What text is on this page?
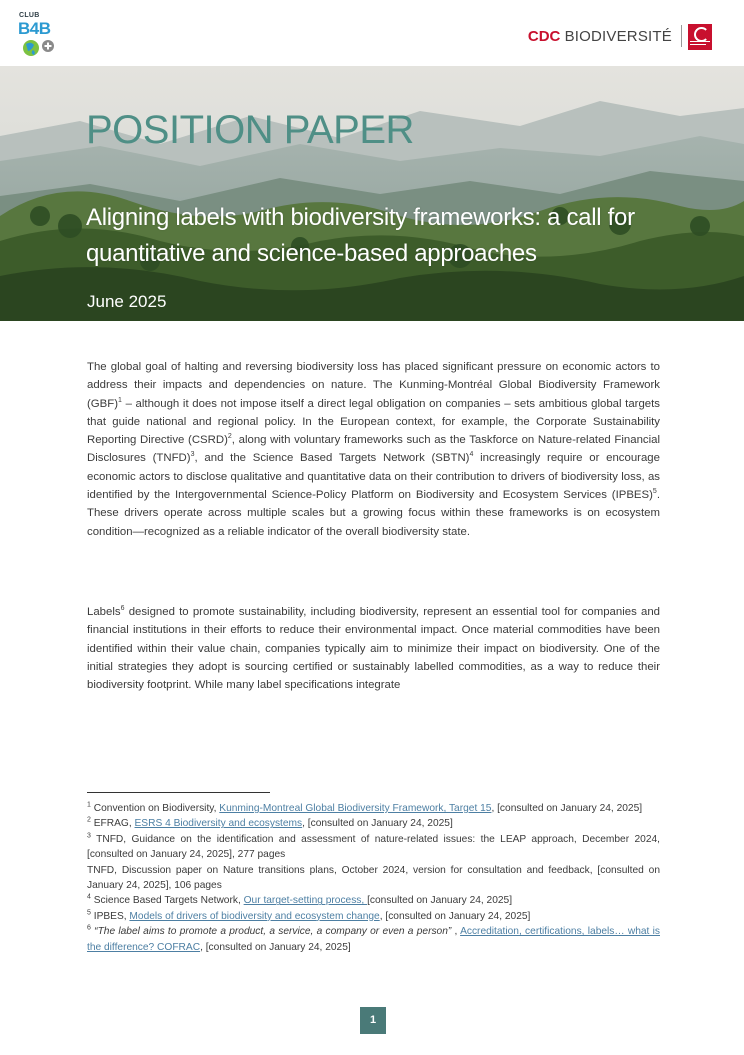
CLUB
B4B	CDC BIODIVERSITÉ
POSITION PAPER
Aligning labels with biodiversity frameworks: a call for quantitative and science-based approaches
June 2025

The global goal of halting and reversing biodiversity loss has placed significant pressure on economic actors to address their impacts and dependencies on nature. The Kunming-Montréal Global Biodiversity Framework (GBF)$^1$ – although it does not impose itself a direct legal obligation on companies – sets ambitious global targets that guide national and regional policy. In the European context, for example, the Corporate Sustainability Reporting Directive (CSRD)$^2$, along with voluntary frameworks such as the Taskforce on Nature-related Financial Disclosures (TNFD)$^3$, and the Science Based Targets Network (SBTN)$^4$ increasingly require or encourage economic actors to disclose qualitative and quantitative data on their contribution to drivers of biodiversity loss, as identified by the Intergovernmental Science-Policy Platform on Biodiversity and Ecosystem Services (IPBES)$^5$. These drivers operate across multiple scales but a growing focus within these frameworks is on ecosystem condition—recognized as a reliable indicator of the overall biodiversity state.

Labels$^6$ designed to promote sustainability, including biodiversity, represent an essential tool for companies and financial institutions in their efforts to reduce their environmental impact. Once material commodities have been identified within their value chain, companies typically aim to minimize their impact on biodiversity. One of the initial strategies they adopt is sourcing certified or sustainably labelled commodities, as a way to reduce their biodiversity footprint. While many label specifications integrate

$^1$ Convention on Biodiversity, Kunming-Montreal Global Biodiversity Framework, Target 15, [consulted on January 24, 2025]

$^2$ EFRAG, ESRS 4 Biodiversity and ecosystems, [consulted on January 24, 2025]

$^3$ TNFD, Guidance on the identification and assessment of nature-related issues: the LEAP approach, December 2024, [consulted on January 24, 2025], 277 pages

TNFD, Discussion paper on Nature transitions plans, October 2024, version for consultation and feedback, [consulted on January 24, 2025], 106 pages

$^4$ Science Based Targets Network, Our target-setting process, [consulted on January 24, 2025]

$^5$ IPBES, Models of drivers of biodiversity and ecosystem change, [consulted on January 24, 2025]

$^6$ “The label aims to promote a product, a service, a company or even a person” , Accreditation, certifications, labels… what is the difference? COFRAC, [consulted on January 24, 2025]

1
